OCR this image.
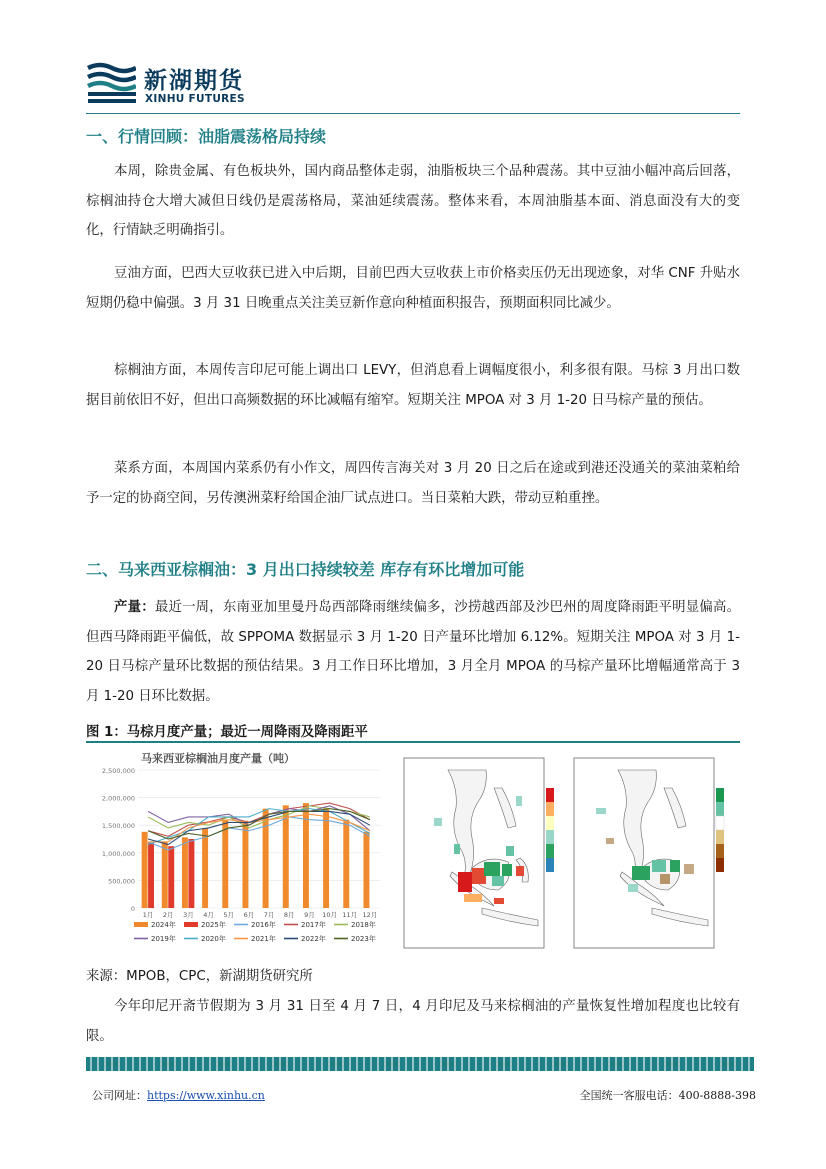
新湖期货
XINHU FUTURES
一、行情回顾：油脂震荡格局持续

本周，除贵金属、有色板块外，国内商品整体走弱，油脂板块三个品种震荡。其中豆油小幅冲高后回落，棕榈油持仓大增大减但日线仍是震荡格局，菜油延续震荡。整体来看，本周油脂基本面、消息面没有大的变化，行情缺乏明确指引。

豆油方面，巴西大豆收获已进入中后期，目前巴西大豆收获上市价格卖压仍无出现迹象，对华 CNF 升贴水短期仍稳中偏强。3 月 31 日晚重点关注美豆新作意向种植面积报告，预期面积同比减少。

棕榈油方面，本周传言印尼可能上调出口 LEVY，但消息看上调幅度很小，利多很有限。马棕 3 月出口数据目前依旧不好，但出口高频数据的环比减幅有缩窄。短期关注 MPOA 对 3 月 1-20 日马棕产量的预估。

菜系方面，本周国内菜系仍有小作文，周四传言海关对 3 月 20 日之后在途或到港还没通关的菜油菜粕给予一定的协商空间，另传澳洲菜籽给国企油厂试点进口。当日菜粕大跌，带动豆粕重挫。

二、马来西亚棕榈油：3 月出口持续较差 库存有环比增加可能

产量：最近一周，东南亚加里曼丹岛西部降雨继续偏多，沙捞越西部及沙巴州的周度降雨距平明显偏高。但西马降雨距平偏低，故 SPPOMA 数据显示 3 月 1-20 日产量环比增加 6.12%。短期关注 MPOA 对 3 月 1-20 日马棕产量环比数据的预估结果。3 月工作日环比增加，3 月全月 MPOA 的马棕产量环比增幅通常高于 3 月 1-20 日环比数据。

图 1：马棕月度产量；最近一周降雨及降雨距平
马来西亚棕榈油月度产量（吨）
1月 2月 3月 4月 5月 6月 7月 8月 9月 10月 11月 12月
0
500,000
1,000,000
1,500,000
2,000,000
2,500,000
2024年	2025年	2016年	2017年	2018年
2019年	2020年	2021年	2022年	2023年
来源：MPOB，CPC，新湖期货研究所

今年印尼开斋节假期为 3 月 31 日至 4 月 7 日，4 月印尼及马来棕榈油的产量恢复性增加程度也比较有限。

公司网址：https://www.xinhu.cn	全国统一客服电话：400-8888-398
